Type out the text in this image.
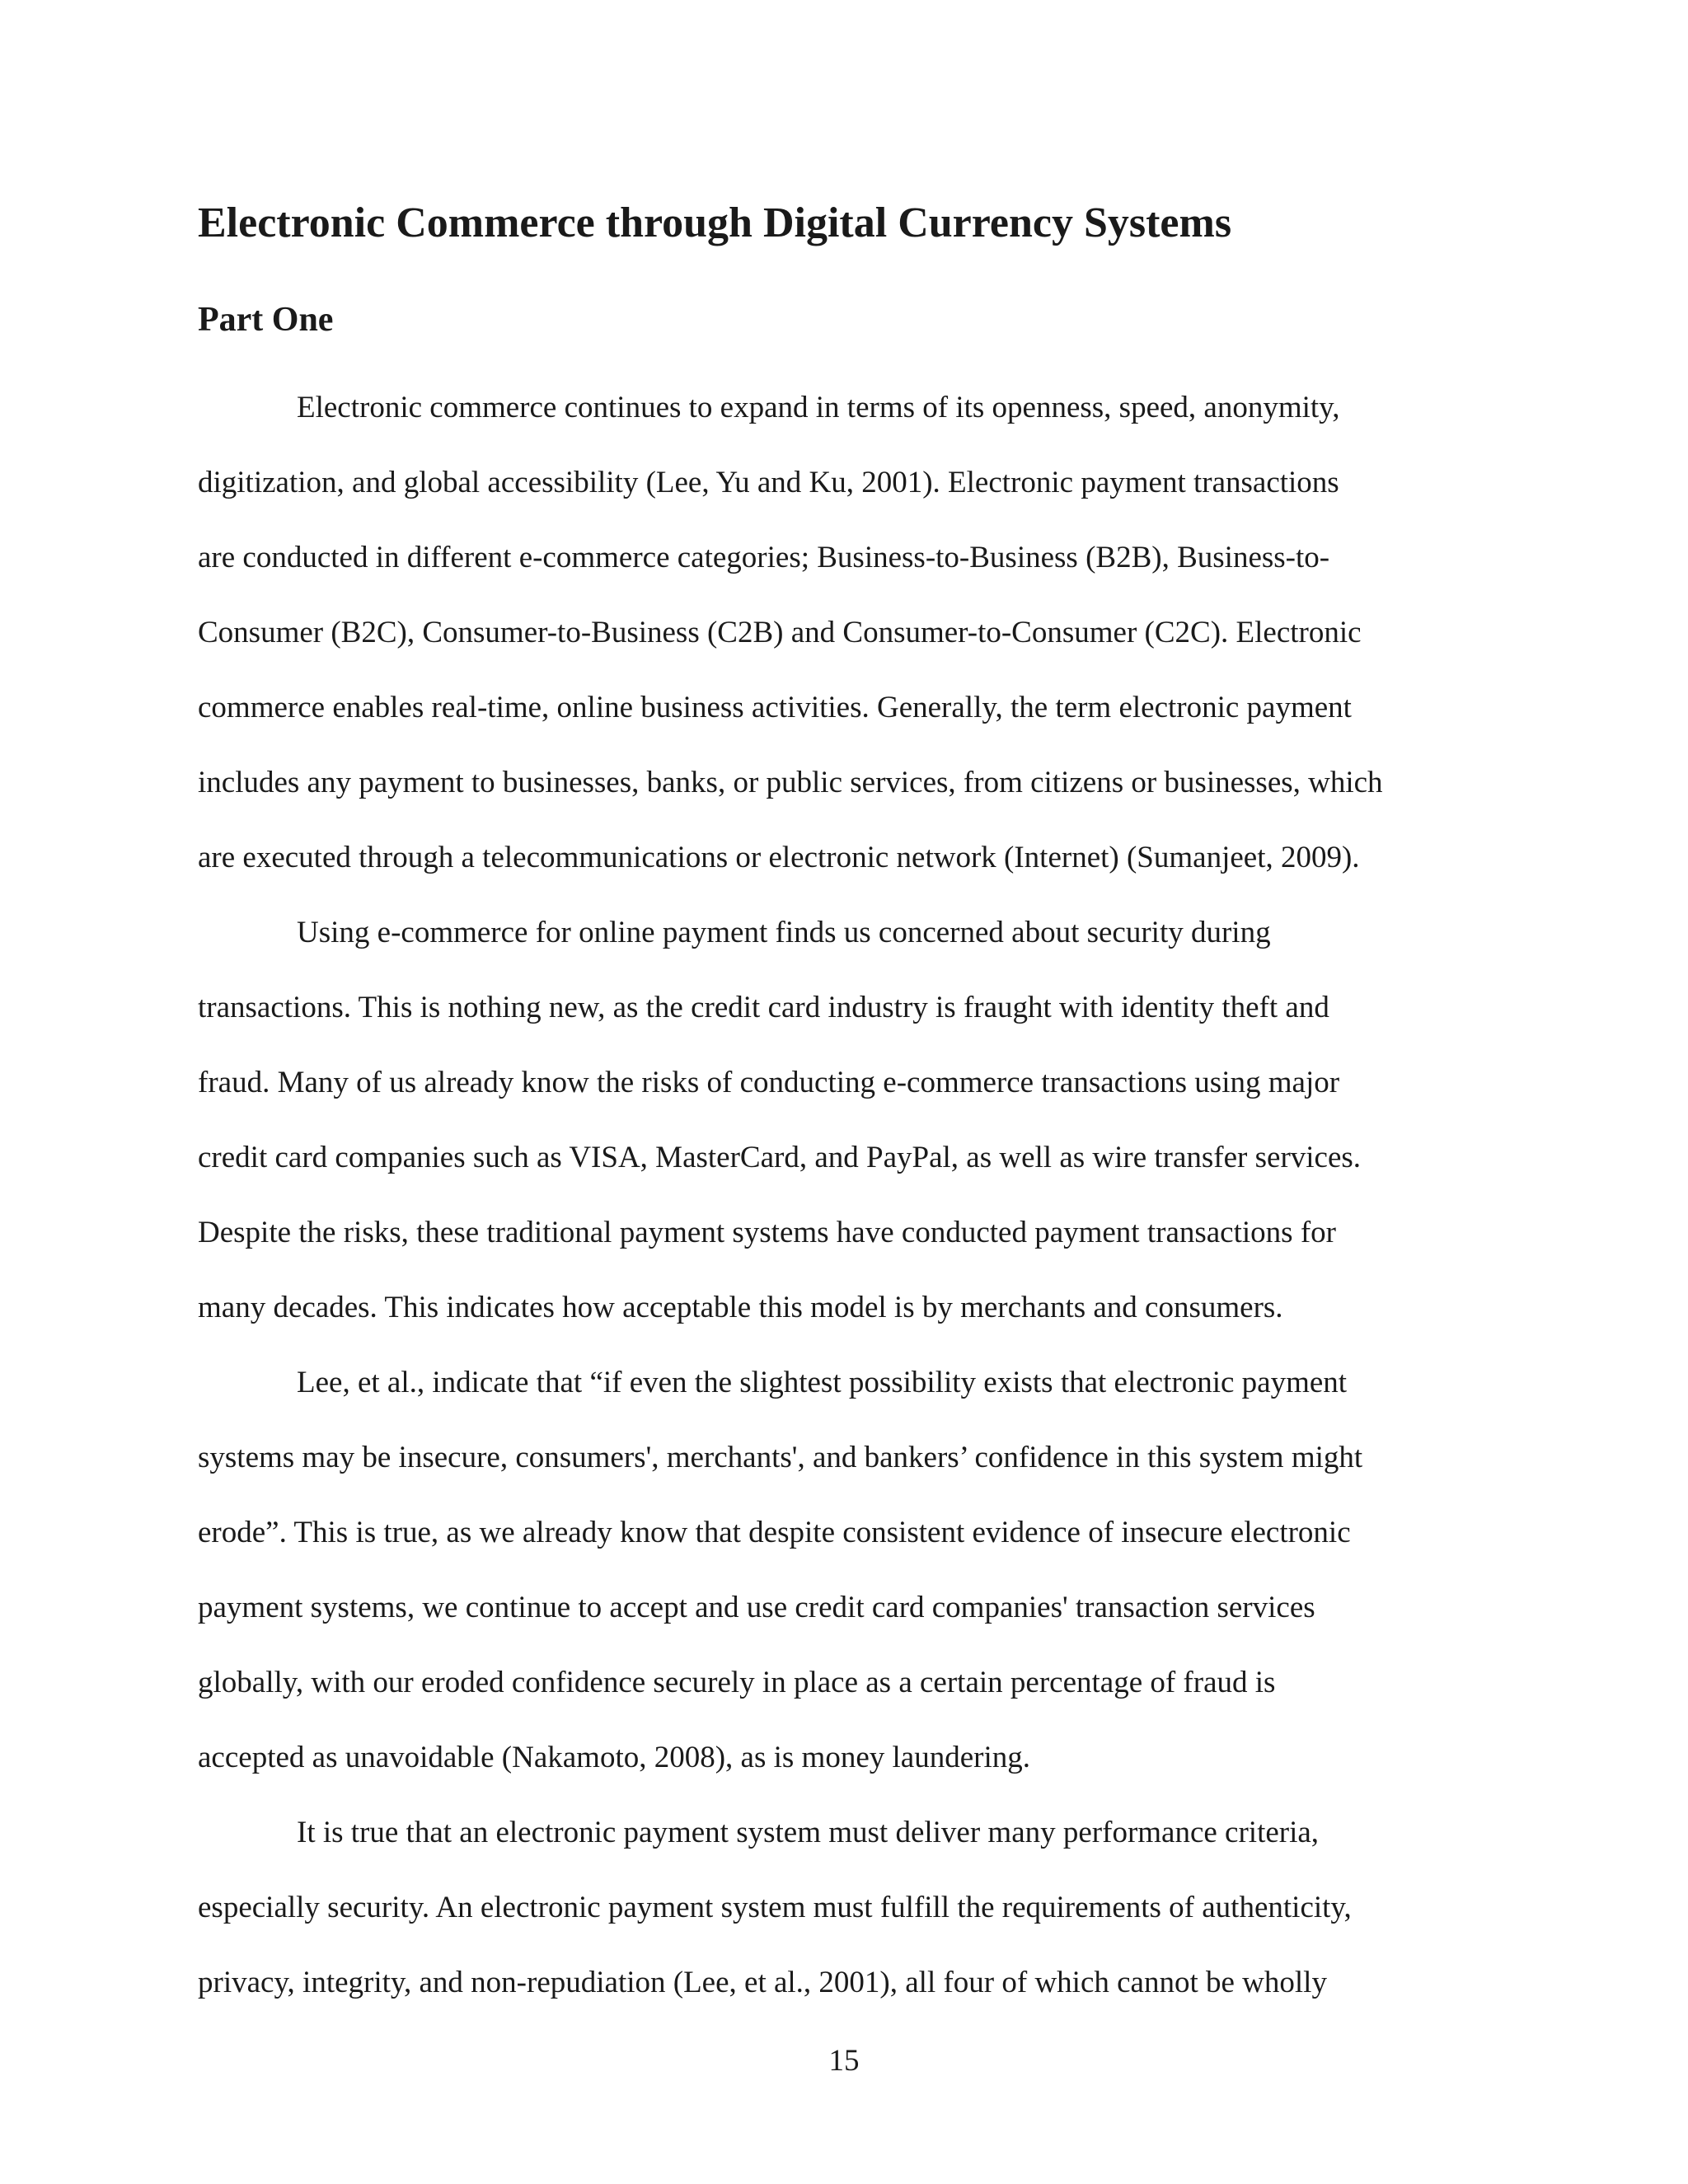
Electronic Commerce through Digital Currency Systems
Part One

Electronic commerce continues to expand in terms of its openness, speed, anonymity,

digitization, and global accessibility (Lee, Yu and Ku, 2001). Electronic payment transactions

are conducted in different e-commerce categories; Business-to-Business (B2B), Business-to-

Consumer (B2C), Consumer-to-Business (C2B) and Consumer-to-Consumer (C2C). Electronic

commerce enables real-time, online business activities. Generally, the term electronic payment

includes any payment to businesses, banks, or public services, from citizens or businesses, which

are executed through a telecommunications or electronic network (Internet) (Sumanjeet, 2009).

Using e-commerce for online payment finds us concerned about security during

transactions. This is nothing new, as the credit card industry is fraught with identity theft and

fraud. Many of us already know the risks of conducting e-commerce transactions using major

credit card companies such as VISA, MasterCard, and PayPal, as well as wire transfer services.

Despite the risks, these traditional payment systems have conducted payment transactions for

many decades. This indicates how acceptable this model is by merchants and consumers.

Lee, et al., indicate that “if even the slightest possibility exists that electronic payment

systems may be insecure, consumers', merchants', and bankers’ confidence in this system might

erode”. This is true, as we already know that despite consistent evidence of insecure electronic

payment systems, we continue to accept and use credit card companies' transaction services

globally, with our eroded confidence securely in place as a certain percentage of fraud is

accepted as unavoidable (Nakamoto, 2008), as is money laundering.

It is true that an electronic payment system must deliver many performance criteria,

especially security. An electronic payment system must fulfill the requirements of authenticity,

privacy, integrity, and non-repudiation (Lee, et al., 2001), all four of which cannot be wholly

15
